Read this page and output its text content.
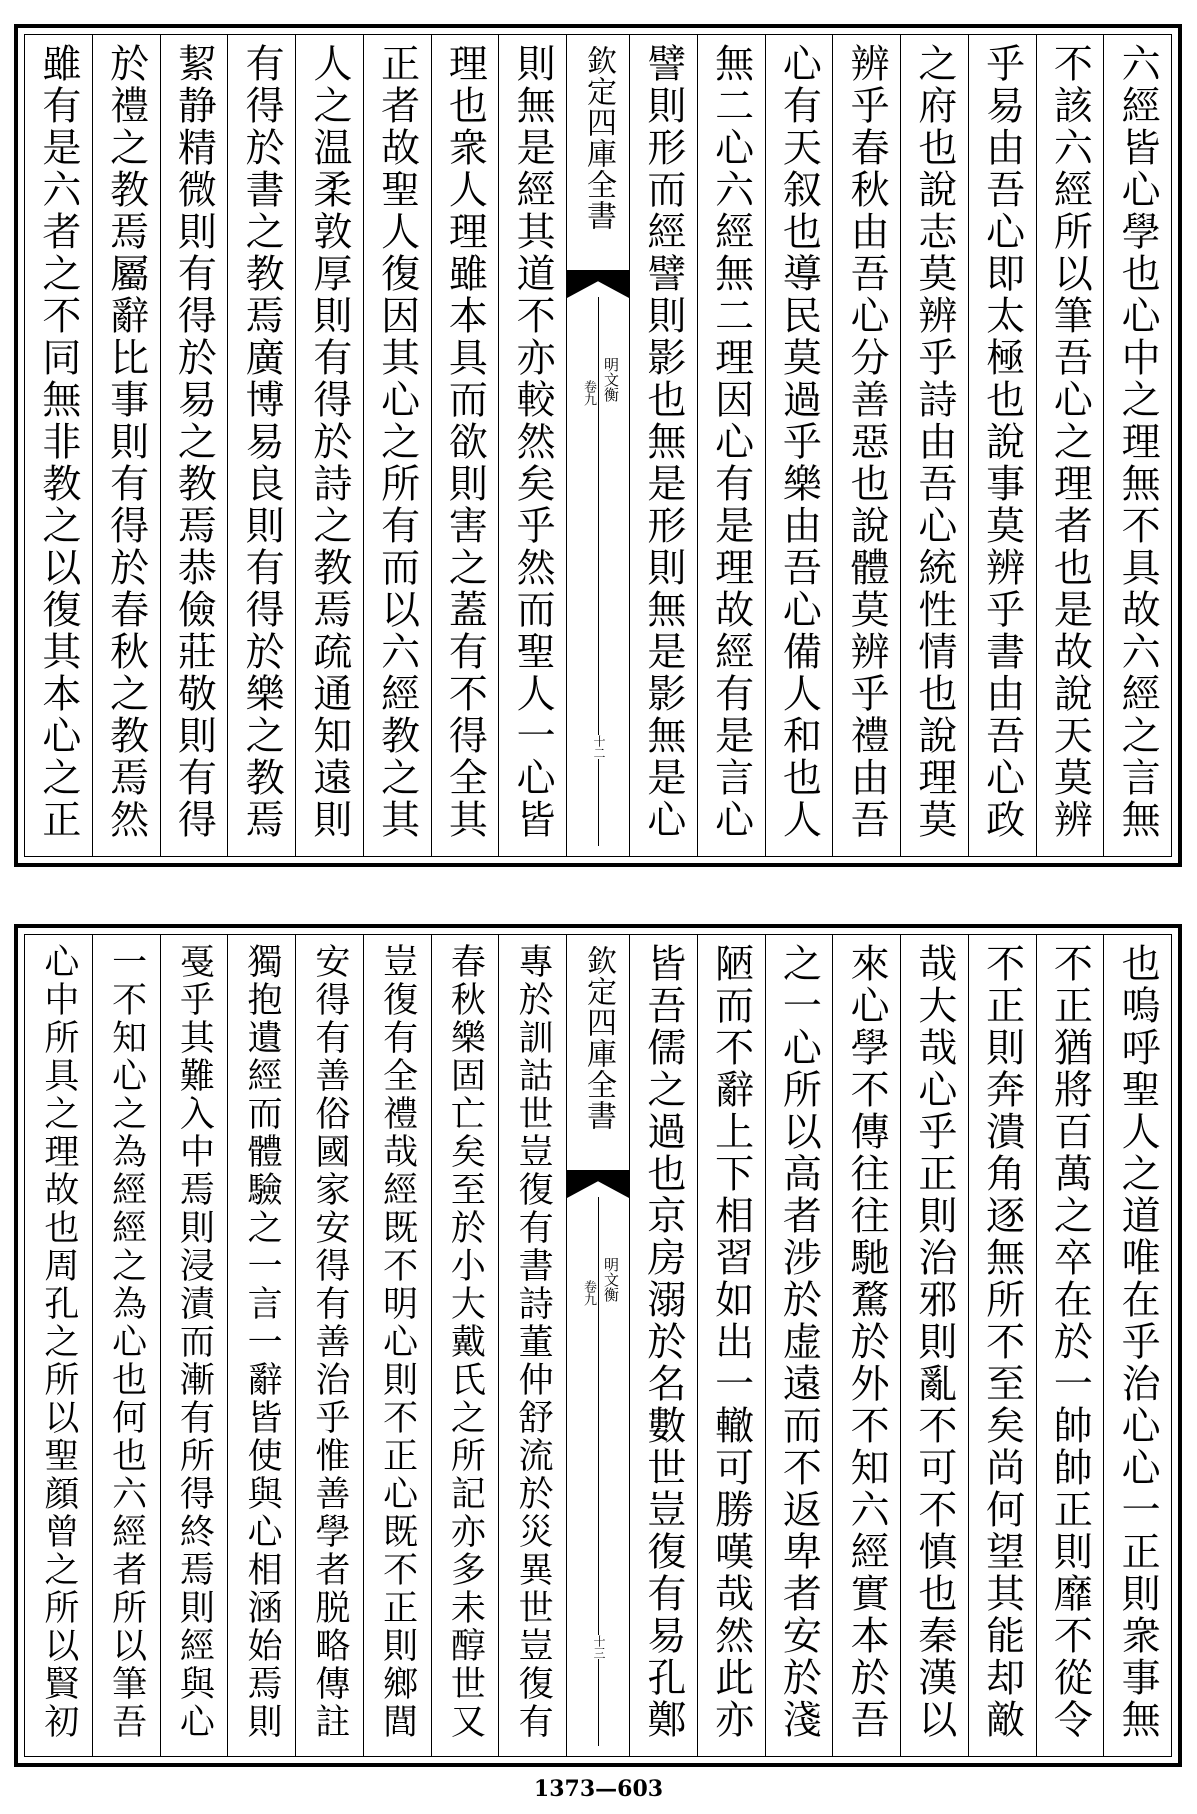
六經皆心學也心中之理無不具故六經之言無
不該六經所以筆吾心之理者也是故說天莫辨
乎易由吾心即太極也說事莫辨乎書由吾心政
之府也說志莫辨乎詩由吾心統性情也說理莫
辨乎春秋由吾心分善惡也說體莫辨乎禮由吾
心有天叙也導民莫過乎樂由吾心備人和也人
無二心六經無二理因心有是理故經有是言心
譬則形而經譬則影也無是形則無是影無是心
欽定四庫全書
明文衡
卷九
十二
則無是經其道不亦較然矣乎然而聖人一心皆
理也衆人理雖本具而欲則害之蓋有不得全其
正者故聖人復因其心之所有而以六經教之其
人之温柔敦厚則有得於詩之教焉疏通知遠則
有得於書之教焉廣博易良則有得於樂之教焉
絜静精微則有得於易之教焉恭儉莊敬則有得
於禮之教焉屬辭比事則有得於春秋之教焉然
雖有是六者之不同無非教之以復其本心之正
也嗚呼聖人之道唯在乎治心心一正則衆事無
不正猶將百萬之卒在於一帥帥正則靡不從令
不正則奔潰角逐無所不至矣尚何望其能却敵
哉大哉心乎正則治邪則亂不可不慎也秦漢以
來心學不傳往往馳騖於外不知六經實本於吾
之一心所以高者涉於虚遠而不返卑者安於淺
陋而不辭上下相習如出一轍可勝嘆哉然此亦
皆吾儒之過也京房溺於名數世豈復有易孔鄭
欽定四庫全書
明文衡
卷九
十三
專於訓詁世豈復有書詩董仲舒流於災異世豈復有
春秋樂固亡矣至於小大戴氏之所記亦多未醇世又
豈復有全禮哉經既不明心則不正心既不正則鄉閭
安得有善俗國家安得有善治乎惟善學者脱略傳註
獨抱遺經而體驗之一言一辭皆使與心相涵始焉則
戞乎其難入中焉則浸漬而漸有所得終焉則經與心
一不知心之為經經之為心也何也六經者所以筆吾
心中所具之理故也周孔之所以聖顔曾之所以賢初
1373—603
